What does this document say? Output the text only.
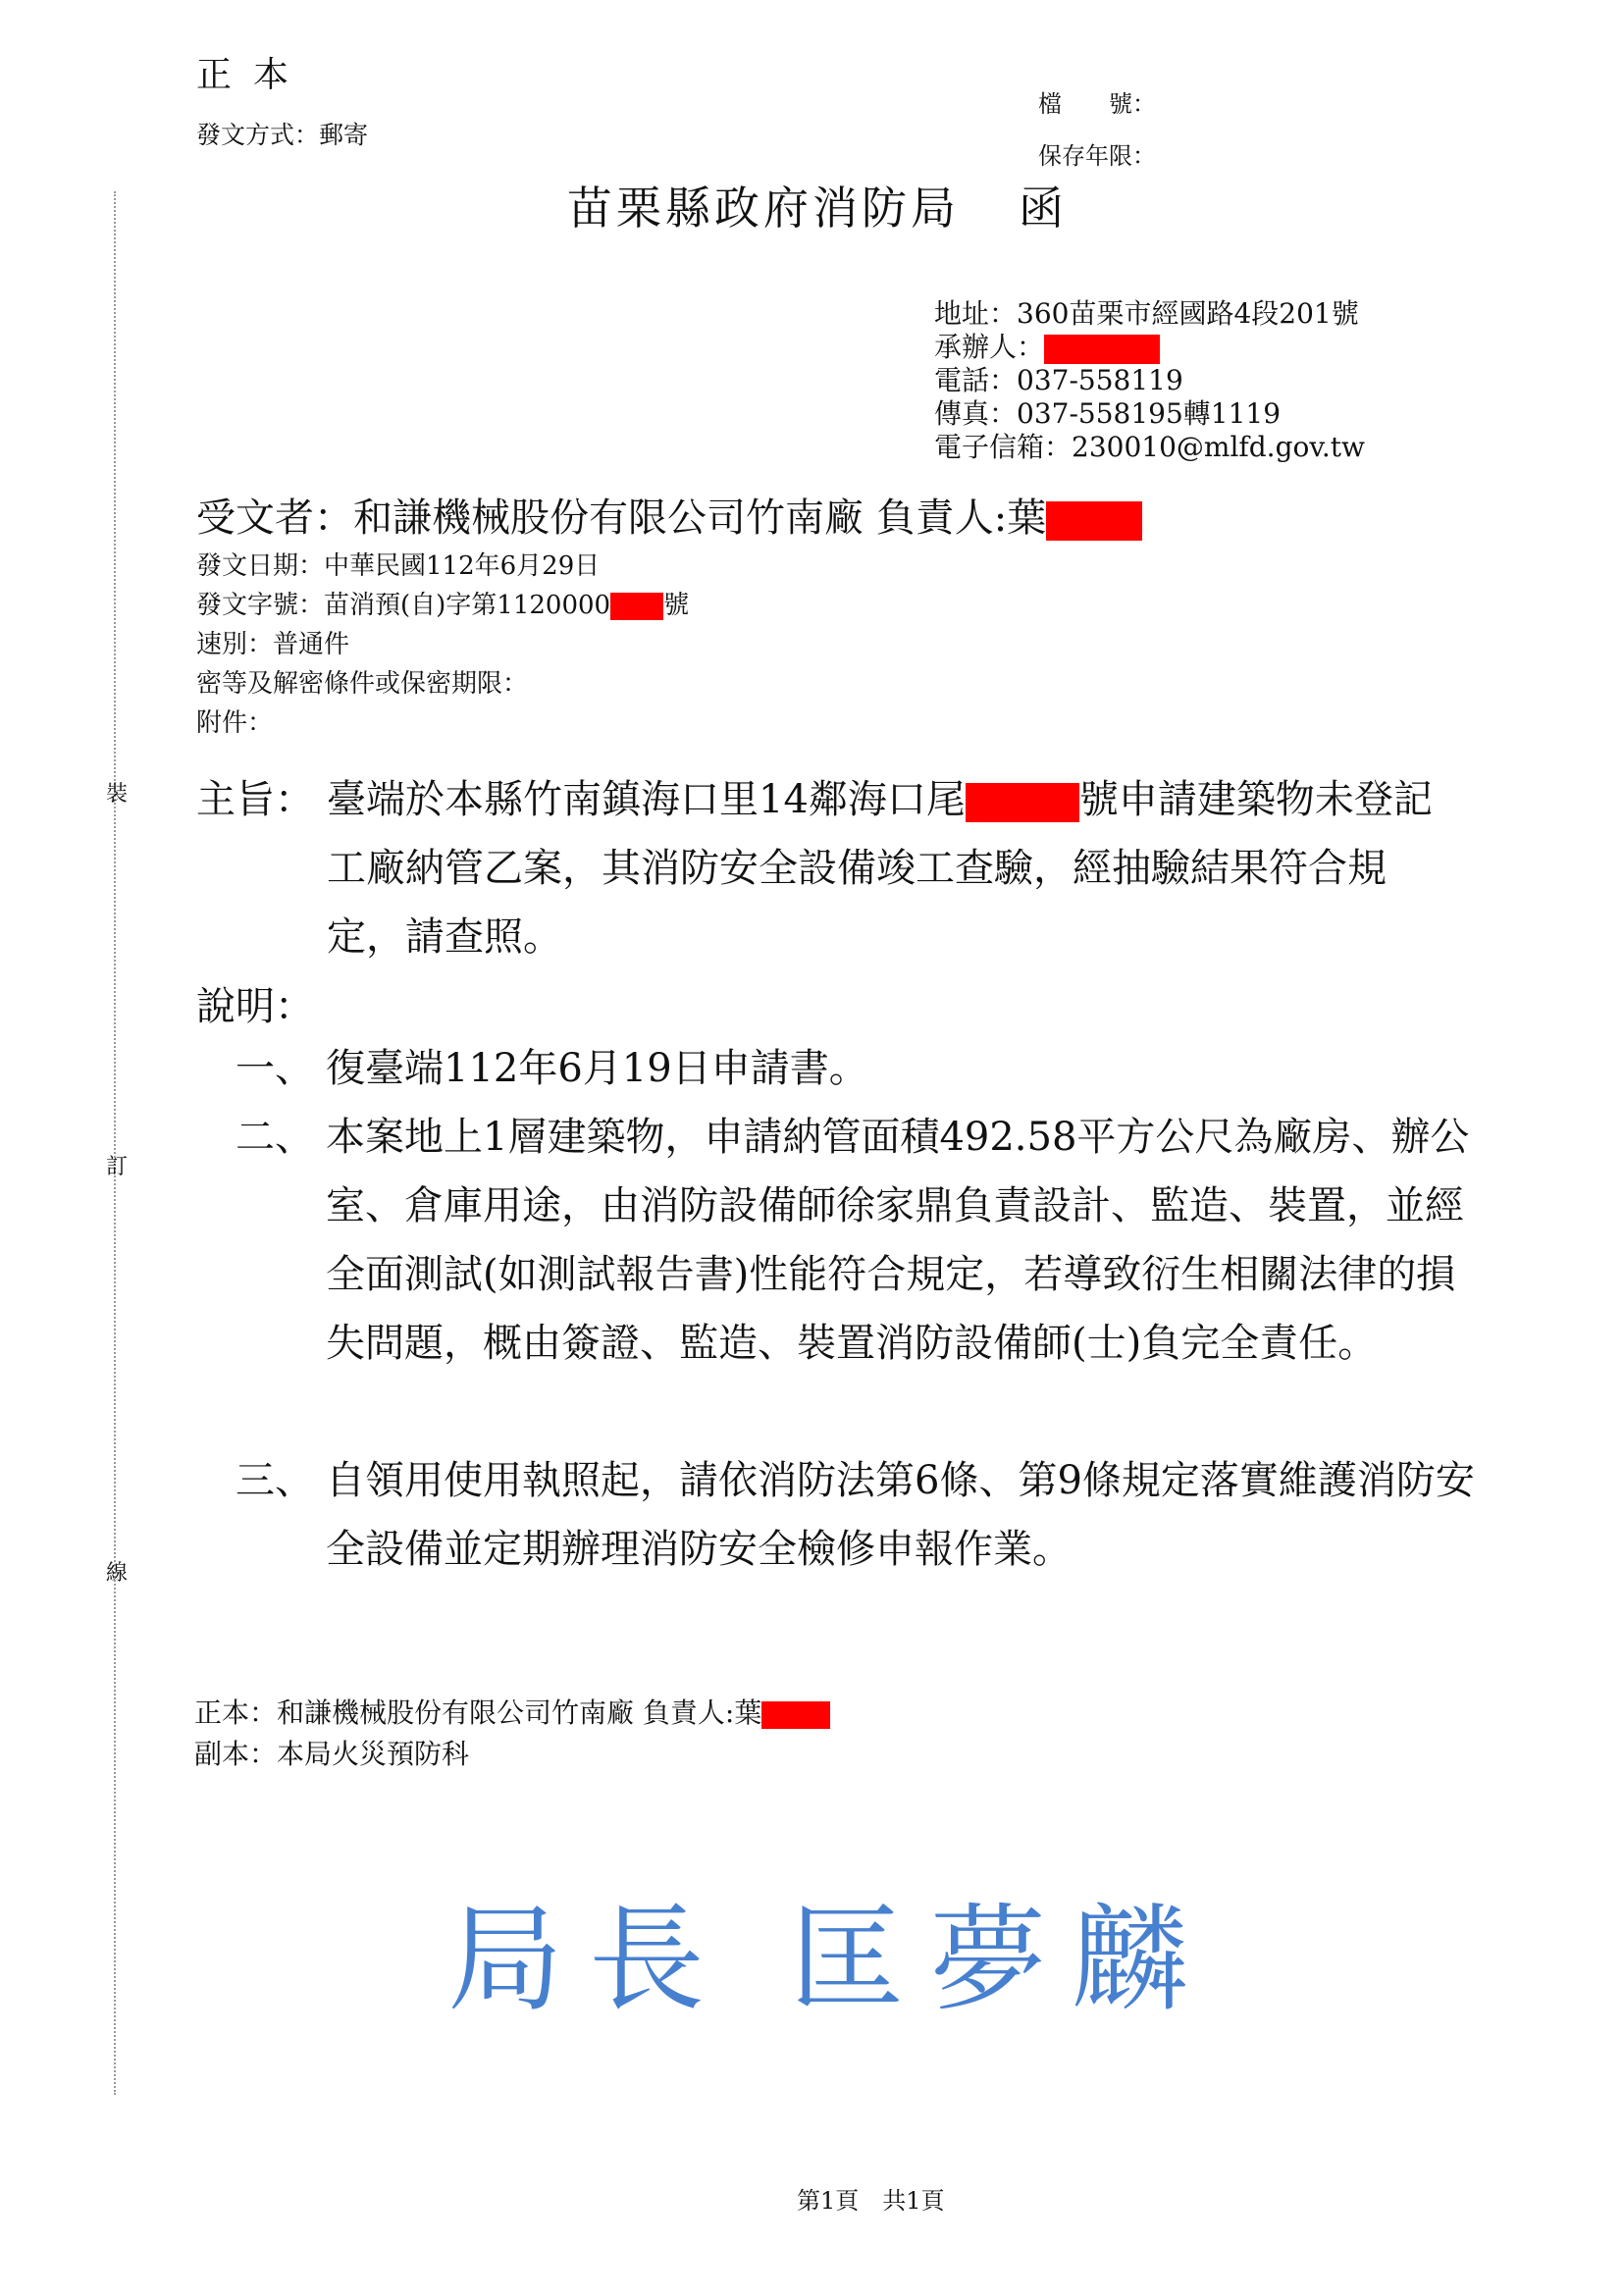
正本
發文方式：郵寄
檔　　號：
保存年限：
苗栗縣政府消防局 函
地址：360苗栗市經國路4段201號
承辦人：
電話：037-558119
傳真：037-558195轉1119
電子信箱：230010@mlfd.gov.tw
受文者：和謙機械股份有限公司竹南廠 負責人:葉
發文日期：中華民國112年6月29日
發文字號：苗消預(自)字第1120000 號
速別：普通件
密等及解密條件或保密期限：
附件：
裝
訂
線
主旨： 臺端於本縣竹南鎮海口里14鄰海口尾	號申請建築物未登記工廠納管乙案，其消防安全設備竣工查驗，經抽驗結果符合規定，請查照。
說明：
一、 復臺端112年6月19日申請書。
二、 本案地上1層建築物，申請納管面積492.58平方公尺為廠房、辦公室、倉庫用途，由消防設備師徐家鼎負責設計、監造、裝置，並經全面測試(如測試報告書)性能符合規定，若導致衍生相關法律的損失問題，概由簽證、監造、裝置消防設備師(士)負完全責任。
三、 自領用使用執照起，請依消防法第6條、第9條規定落實維護消防安全設備並定期辦理消防安全檢修申報作業。
正本：和謙機械股份有限公司竹南廠 負責人:葉
副本：本局火災預防科
局長 匡夢麟
第1頁　共1頁
